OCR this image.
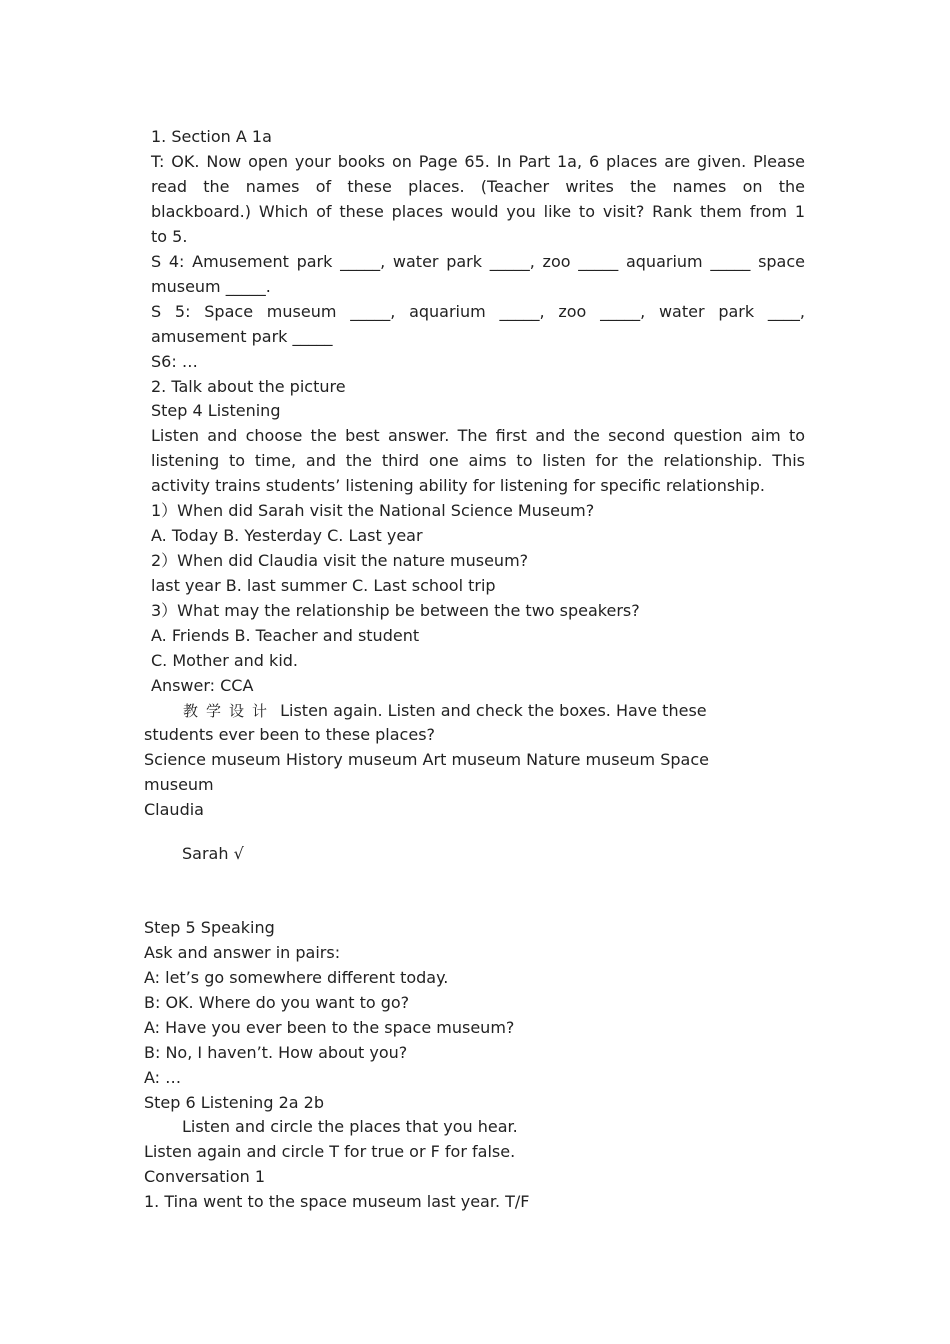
1. Section A 1a
T: OK. Now open your books on Page 65. In Part 1a, 6 places are given. Please
read the names of these places. (Teacher writes the names on the
blackboard.) Which of these places would you like to visit? Rank them from 1
to 5.
S 4: Amusement park _____, water park _____, zoo _____ aquarium _____ space
museum _____.
S 5: Space museum _____, aquarium _____, zoo _____, water park ____,
amusement park _____
S6: …
2. Talk about the picture
Step 4 Listening
Listen and choose the best answer. The first and the second question aim to
listening to time, and the third one aims to listen for the relationship. This
activity trains students’ listening ability for listening for specific relationship.
1）When did Sarah visit the National Science Museum?
A. Today B. Yesterday C. Last year
2）When did Claudia visit the nature museum?
last year B. last summer C. Last school trip
3）What may the relationship be between the two speakers?
A. Friends B. Teacher and student
C. Mother and kid.
Answer: CCA
教学设计 Listen again. Listen and check the boxes. Have these
students ever been to these places?
Science museum History museum Art museum Nature museum Space
museum
Claudia
Sarah √
Step 5 Speaking
Ask and answer in pairs:
A: let’s go somewhere different today.
B: OK. Where do you want to go?
A: Have you ever been to the space museum?
B: No, I haven’t. How about you?
A: …
Step 6 Listening 2a 2b
Listen and circle the places that you hear.
Listen again and circle T for true or F for false.
Conversation 1
1. Tina went to the space museum last year. T/F
